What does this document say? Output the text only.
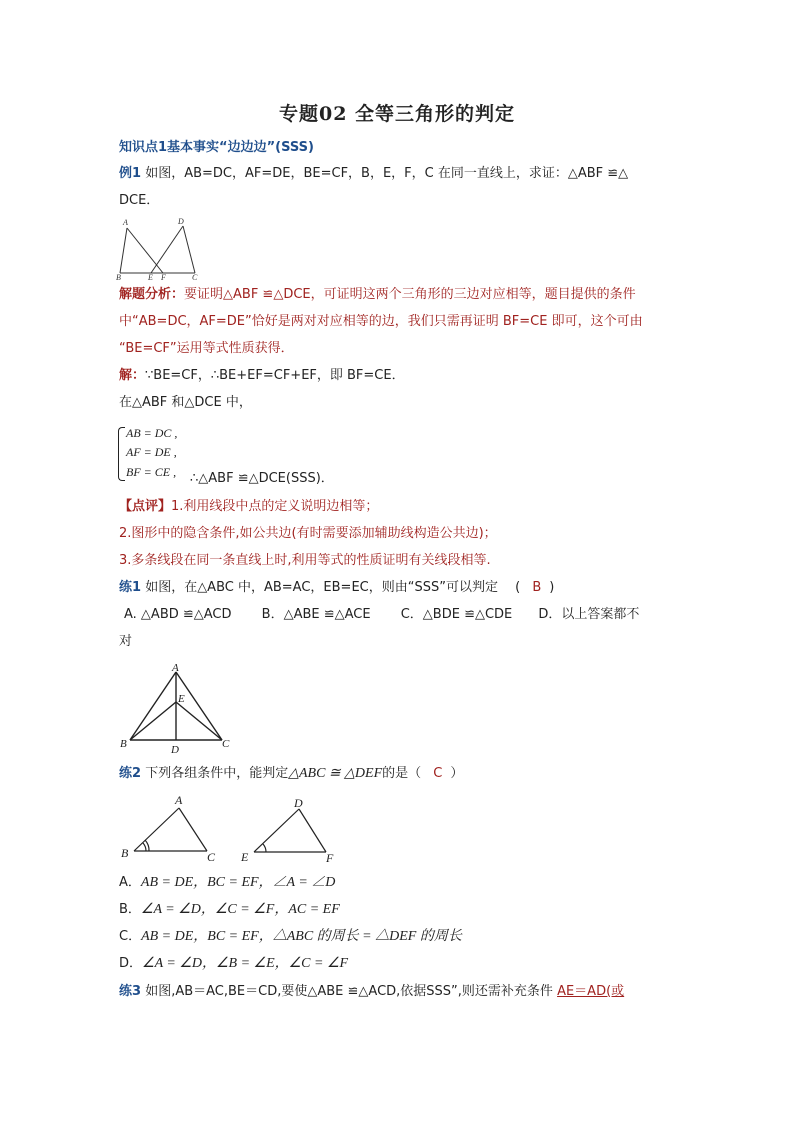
专题02 全等三角形的判定
知识点1基本事实“边边边”(SSS)
例1 如图，AB=DC，AF=DE，BE=CF，B，E，F，C 在同一直线上，求证：△ABF ≌△
DCE．
A	D
B	E F	C
解题分析：要证明△ABF ≌△DCE，可证明这两个三角形的三边对应相等，题目提供的条件
中“AB=DC，AF=DE”恰好是两对对应相等的边，我们只需再证明 BF=CE 即可，这个可由
“BE=CF”运用等式性质获得．
解：∵BE=CF，∴BE+EF=CF+EF，即 BF=CE．
在△ABF 和△DCE 中，
AB = DC ,
AF = DE ,
BF = CE , ∴△ABF ≌△DCE(SSS)．
【点评】1.利用线段中点的定义说明边相等；
2.图形中的隐含条件,如公共边(有时需要添加辅助线构造公共边)；
3.多条线段在同一条直线上时,利用等式的性质证明有关线段相等.
练1 如图，在△ABC 中，AB=AC，EB=EC，则由“SSS”可以判定　 ( B )
A. △ABD ≌△ACD B．△ABE ≌△ACE C．△BDE ≌△CDE D．以上答案都不
对
A
E
B	D	C
练2 下列各组条件中，能判定△ABC ≅ △DEF的是（ C ）
A
B	C
D
E	F
A．AB = DE，BC = EF，∠A = ∠D
B．∠A = ∠D，∠C = ∠F，AC = EF
C．AB = DE，BC = EF，△ABC 的周长 = △DEF 的周长
D．∠A = ∠D，∠B = ∠E，∠C = ∠F
练3 如图,AB＝AC,BE＝CD,要使△ABE ≌△ACD,依据SSS”,则还需补充条件 AE＝AD(或
